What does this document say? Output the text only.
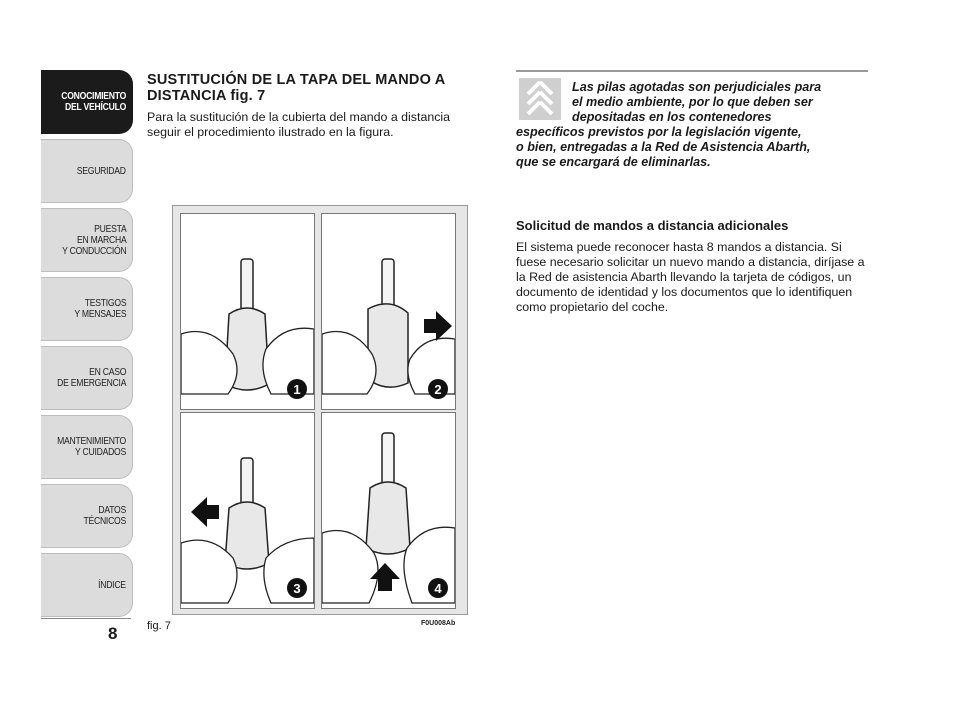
CONOCIMIENTO
DEL VEHÍCULO
SEGURIDAD
PUESTA
EN MARCHA
Y CONDUCCIÓN
TESTIGOS
Y MENSAJES
EN CASO
DE EMERGENCIA
MANTENIMIENTO
Y CUIDADOS
DATOS TÉCNICOS
ÍNDICE
8
SUSTITUCIÓN DE LA TAPA DEL MANDO A DISTANCIA fig. 7

Para la sustitución de la cubierta del mando a distancia seguir el procedimiento ilustrado en la figura.

1	2
3	4
fig. 7	F0U008Ab

Las pilas agotadas son perjudiciales para
el medio ambiente, por lo que deben ser
depositadas en los contenedores
específicos previstos por la legislación vigente,
o bien, entregadas a la Red de Asistencia Abarth,
que se encargará de eliminarlas.

Solicitud de mandos a distancia adicionales

El sistema puede reconocer hasta 8 mandos a distancia. Si fuese necesario solicitar un nuevo mando a distancia, diríjase a la Red de asistencia Abarth llevando la tarjeta de códigos, un documento de identidad y los documentos que lo identifiquen como propietario del coche.
